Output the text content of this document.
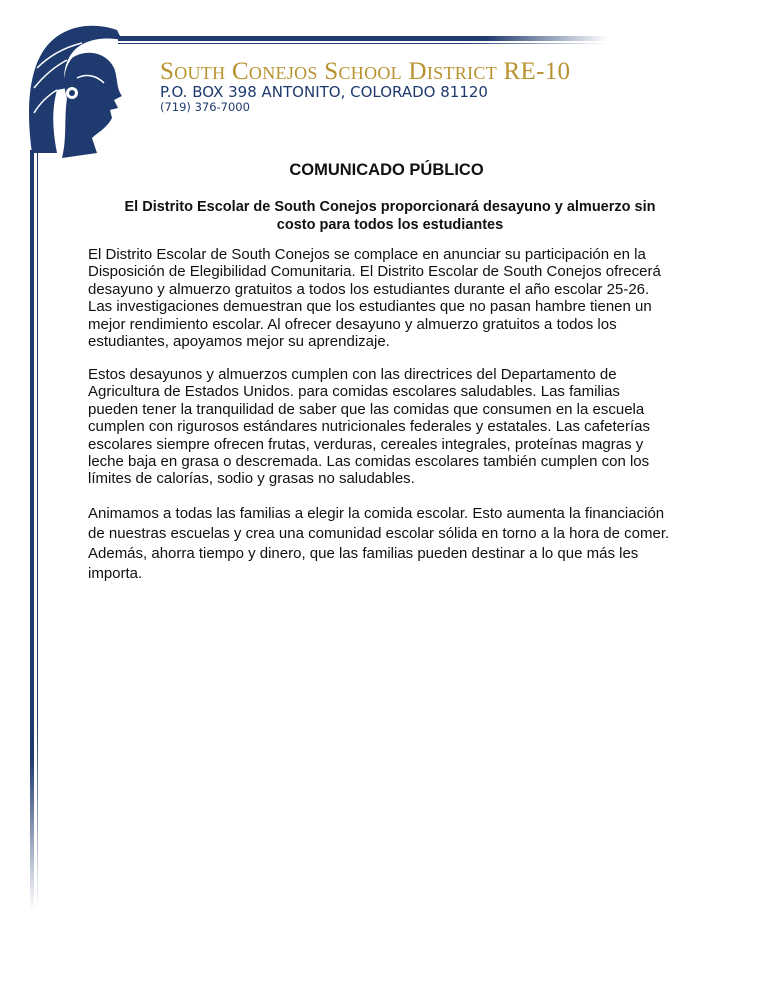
South Conejos School District RE-10
P.O. BOX 398 ANTONITO, COLORADO 81120
(719) 376-7000
COMUNICADO PÚBLICO
El Distrito Escolar de South Conejos proporcionará desayuno y almuerzo sin
costo para todos los estudiantes
El Distrito Escolar de South Conejos se complace en anunciar su participación en la
Disposición de Elegibilidad Comunitaria. El Distrito Escolar de South Conejos ofrecerá
desayuno y almuerzo gratuitos a todos los estudiantes durante el año escolar 25-26.
Las investigaciones demuestran que los estudiantes que no pasan hambre tienen un
mejor rendimiento escolar. Al ofrecer desayuno y almuerzo gratuitos a todos los
estudiantes, apoyamos mejor su aprendizaje.
Estos desayunos y almuerzos cumplen con las directrices del Departamento de
Agricultura de Estados Unidos. para comidas escolares saludables. Las familias
pueden tener la tranquilidad de saber que las comidas que consumen en la escuela
cumplen con rigurosos estándares nutricionales federales y estatales. Las cafeterías
escolares siempre ofrecen frutas, verduras, cereales integrales, proteínas magras y
leche baja en grasa o descremada. Las comidas escolares también cumplen con los
límites de calorías, sodio y grasas no saludables.
Animamos a todas las familias a elegir la comida escolar. Esto aumenta la financiación
de nuestras escuelas y crea una comunidad escolar sólida en torno a la hora de comer.
Además, ahorra tiempo y dinero, que las familias pueden destinar a lo que más les
importa.
